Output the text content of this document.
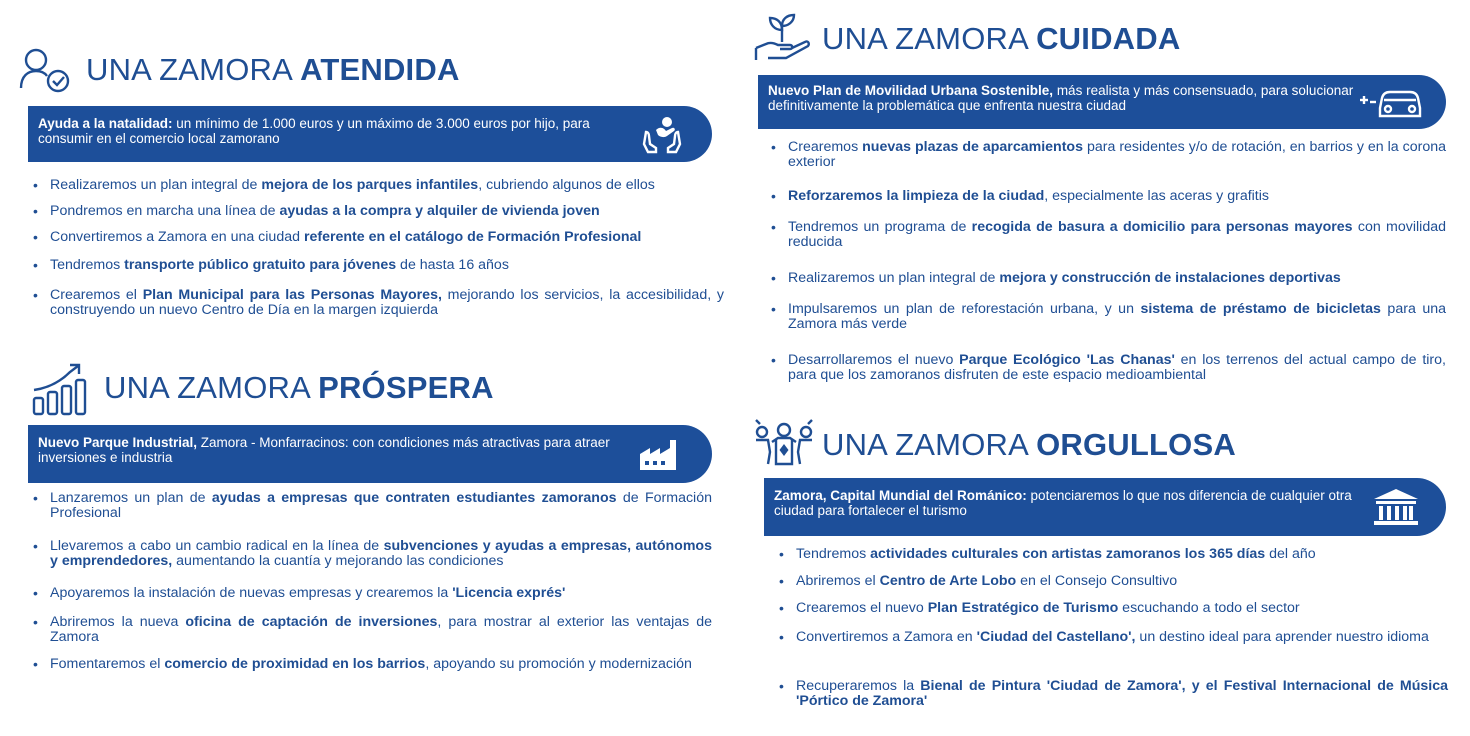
UNA ZAMORA ATENDIDA
Ayuda a la natalidad: un mínimo de 1.000 euros y un máximo de 3.000 euros por hijo, para consumir en el comercio local zamorano
• Realizaremos un plan integral de mejora de los parques infantiles, cubriendo algunos de ellos
• Pondremos en marcha una línea de ayudas a la compra y alquiler de vivienda joven
• Convertiremos a Zamora en una ciudad referente en el catálogo de Formación Profesional
• Tendremos transporte público gratuito para jóvenes de hasta 16 años
• Crearemos el Plan Municipal para las Personas Mayores, mejorando los servicios, la accesibilidad, y construyendo un nuevo Centro de Día en la margen izquierda
UNA ZAMORA PRÓSPERA
Nuevo Parque Industrial, Zamora - Monfarracinos: con condiciones más atractivas para atraer inversiones e industria
• Lanzaremos un plan de ayudas a empresas que contraten estudiantes zamoranos de Formación Profesional
• Llevaremos a cabo un cambio radical en la línea de subvenciones y ayudas a empresas, autónomos y emprendedores, aumentando la cuantía y mejorando las condiciones
• Apoyaremos la instalación de nuevas empresas y crearemos la 'Licencia exprés'
• Abriremos la nueva oficina de captación de inversiones, para mostrar al exterior las ventajas de Zamora
• Fomentaremos el comercio de proximidad en los barrios, apoyando su promoción y modernización
UNA ZAMORA CUIDADA
Nuevo Plan de Movilidad Urbana Sostenible, más realista y más consensuado, para solucionar definitivamente la problemática que enfrenta nuestra ciudad
• Crearemos nuevas plazas de aparcamientos para residentes y/o de rotación, en barrios y en la corona exterior
• Reforzaremos la limpieza de la ciudad, especialmente las aceras y grafitis
• Tendremos un programa de recogida de basura a domicilio para personas mayores con movilidad reducida
• Realizaremos un plan integral de mejora y construcción de instalaciones deportivas
• Impulsaremos un plan de reforestación urbana, y un sistema de préstamo de bicicletas para una Zamora más verde
• Desarrollaremos el nuevo Parque Ecológico 'Las Chanas' en los terrenos del actual campo de tiro, para que los zamoranos disfruten de este espacio medioambiental
UNA ZAMORA ORGULLOSA
Zamora, Capital Mundial del Románico: potenciaremos lo que nos diferencia de cualquier otra ciudad para fortalecer el turismo
• Tendremos actividades culturales con artistas zamoranos los 365 días del año
• Abriremos el Centro de Arte Lobo en el Consejo Consultivo
• Crearemos el nuevo Plan Estratégico de Turismo escuchando a todo el sector
• Convertiremos a Zamora en 'Ciudad del Castellano', un destino ideal para aprender nuestro idioma
• Recuperaremos la Bienal de Pintura 'Ciudad de Zamora', y el Festival Internacional de Música 'Pórtico de Zamora'
